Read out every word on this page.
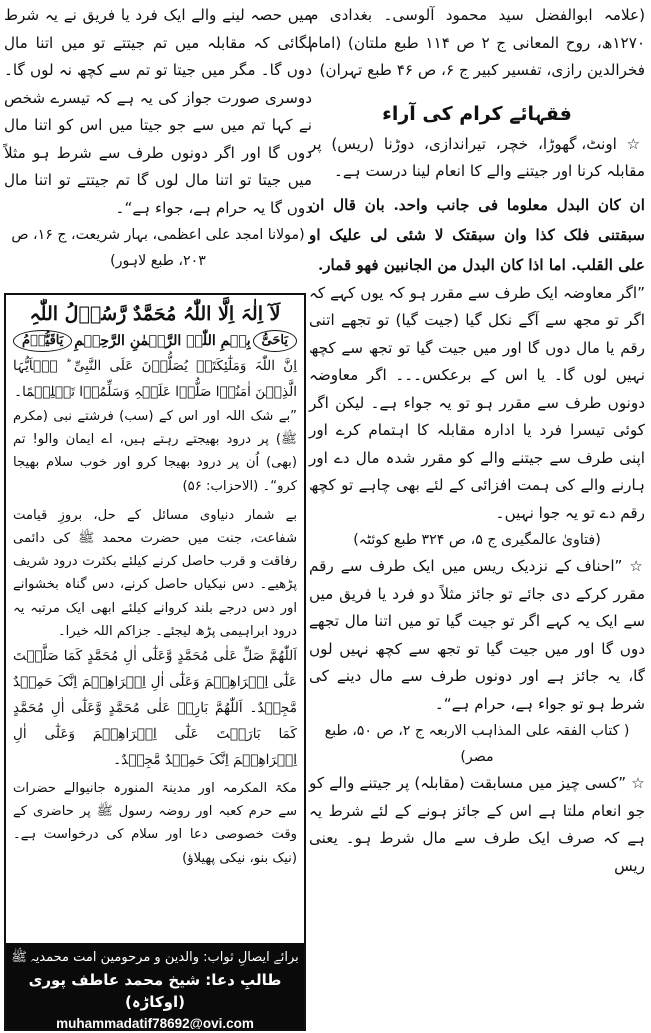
(علامہ ابوالفضل سید محمود آلوسی۔ بغدادی م ۱۲۷۰ھ، روح المعانی ج ۲ ص ۱۱۴ طبع ملتان) (امام فخرالدین رازی، تفسیر کبیر ج ۶، ص ۴۶ طبع تہران)

فقہائے کرام کی آراء

☆ اونٹ، گھوڑا، خچر، تیراندازی، دوڑنا (ریس) پر مقابلہ کرنا اور جیتنے والے کا انعام لینا درست ہے۔

ان کان البدل معلوما فی جانب واحد. بان قال ان سبقتنی فلک کذا وان سبقتک لا شئی لی علیک او علی القلب. اما اذا کان البدل من الجانبین فھو قمار.

”اگر معاوضہ ایک طرف سے مقرر ہو کہ یوں کہے کہ اگر تو مجھ سے آگے نکل گیا (جیت گیا) تو تجھے اتنی رقم یا مال دوں گا اور میں جیت گیا تو تجھ سے کچھ نہیں لوں گا۔ یا اس کے برعکس۔۔۔ اگر معاوضہ دونوں طرف سے مقرر ہو تو یہ جواء ہے۔ لیکن اگر کوئی تیسرا فرد یا ادارہ مقابلہ کا اہتمام کرے اور اپنی طرف سے جیتنے والے کو مقرر شدہ مال دے اور ہارنے والے کی ہمت افزائی کے لئے بھی چاہے تو کچھ رقم دے تو یہ جوا نہیں۔

(فتاویٰ عالمگیری ج ۵، ص ۳۲۴ طبع کوئٹہ)

☆ ”احناف کے نزدیک ریس میں ایک طرف سے رقم مقرر کرکے دی جائے تو جائز مثلاً دو فرد یا فریق میں سے ایک یہ کہے اگر تو جیت گیا تو میں اتنا مال تجھے دوں گا اور میں جیت گیا تو تجھ سے کچھ نہیں لوں گا، یہ جائز ہے اور دونوں طرف سے مال دینے کی شرط ہو تو جواء ہے، حرام ہے“۔

( کتاب الفقہ علی المذاہب الاربعہ ج ۲، ص ۵۰، طبع مصر)

☆ ”کسی چیز میں مسابقت (مقابلہ) پر جیتنے والے کو جو انعام ملتا ہے اس کے جائز ہونے کے لئے شرط یہ ہے کہ صرف ایک طرف سے مال شرط ہو۔ یعنی ریس

میں حصہ لینے والے ایک فرد یا فریق نے یہ شرط لگائی کہ مقابلہ میں تم جیتتے تو میں اتنا مال دوں گا۔ مگر میں جیتا تو تم سے کچھ نہ لوں گا۔ دوسری صورت جواز کی یہ ہے کہ تیسرے شخص نے کہا تم میں سے جو جیتا میں اس کو اتنا مال دوں گا اور اگر دونوں طرف سے شرط ہو مثلاً میں جیتا تو اتنا مال لوں گا تم جیتتے تو اتنا مال دوں گا یہ حرام ہے، جواء ہے“۔

(مولانا امجد علی اعظمی، بہار شریعت، ج ۱۶، ص ۲۰۳، طبع لاہور)

لَآ اِلٰہَ اِلَّا اللّٰہُ مُحَمَّدٌ رَّسُوۡلُ اللّٰہِ

یَاحَیُّ
بِسۡمِ اللّٰہِ الرَّحۡمٰنِ الرَّحِیۡمِ
یَاقَیُّوۡمُ

اِنَّ اللّٰہَ وَمَلٰٓئِکَتَہٗ یُصَلُّوۡنَ عَلَی النَّبِیِّ ؕ یٰۤاَیُّہَا الَّذِیۡنَ اٰمَنُوۡا صَلُّوۡا عَلَیۡہِ وَسَلِّمُوۡا تَسۡلِیۡمًا۔

”بے شک اللہ اور اس کے (سب) فرشتے نبی (مکرم ﷺ) پر درود بھیجتے رہتے ہیں، اے ایمان والو! تم (بھی) اُن پر درود بھیجا کرو اور خوب سلام بھیجا کرو“۔ (الاحزاب: ۵۶)

بے شمار دنیاوی مسائل کے حل، بروزِ قیامت شفاعت، جنت میں حضرت محمد ﷺ کی دائمی رفاقت و قرب حاصل کرنے کیلئے بکثرت درود شریف پڑھیے۔ دس نیکیاں حاصل کرنے، دس گناہ بخشوانے اور دس درجے بلند کروانے کیلئے ابھی ایک مرتبہ یہ درود ابراہیمی پڑھ لیجئے۔ جزاکم اللہ خیرا۔

اَللّٰھُمَّ صَلِّ عَلٰی مُحَمَّدٍ وَّعَلٰٓی اٰلِ مُحَمَّدٍ کَمَا صَلَّیۡتَ عَلٰٓی اِبۡرَاھِیۡمَ وَعَلٰٓی اٰلِ اِبۡرَاھِیۡمَ اِنَّکَ حَمِیۡدٌ مَّجِیۡدٌ۔ اَللّٰھُمَّ بَارِکۡ عَلٰی مُحَمَّدٍ وَّعَلٰٓی اٰلِ مُحَمَّدٍ کَمَا بَارَکۡتَ عَلٰٓی اِبۡرَاھِیۡمَ وَعَلٰٓی اٰلِ اِبۡرَاھِیۡمَ اِنَّکَ حَمِیۡدٌ مَّجِیۡدٌ۔

مکۃ المکرمہ اور مدینۃ المنورہ جانیوالے حضرات سے حرم کعبہ اور روضہ رسول ﷺ پر حاضری کے وقت خصوصی دعا اور سلام کی درخواست ہے۔ (نیک بنو، نیکی پھیلاؤ)

برائے ایصالِ ثواب: والدین و مرحومین امت محمدیہ ﷺ
طالبِ دعا: شیخ محمد عاطف پوری (اوکاڑہ)
muhammadatif78692@ovi.com
